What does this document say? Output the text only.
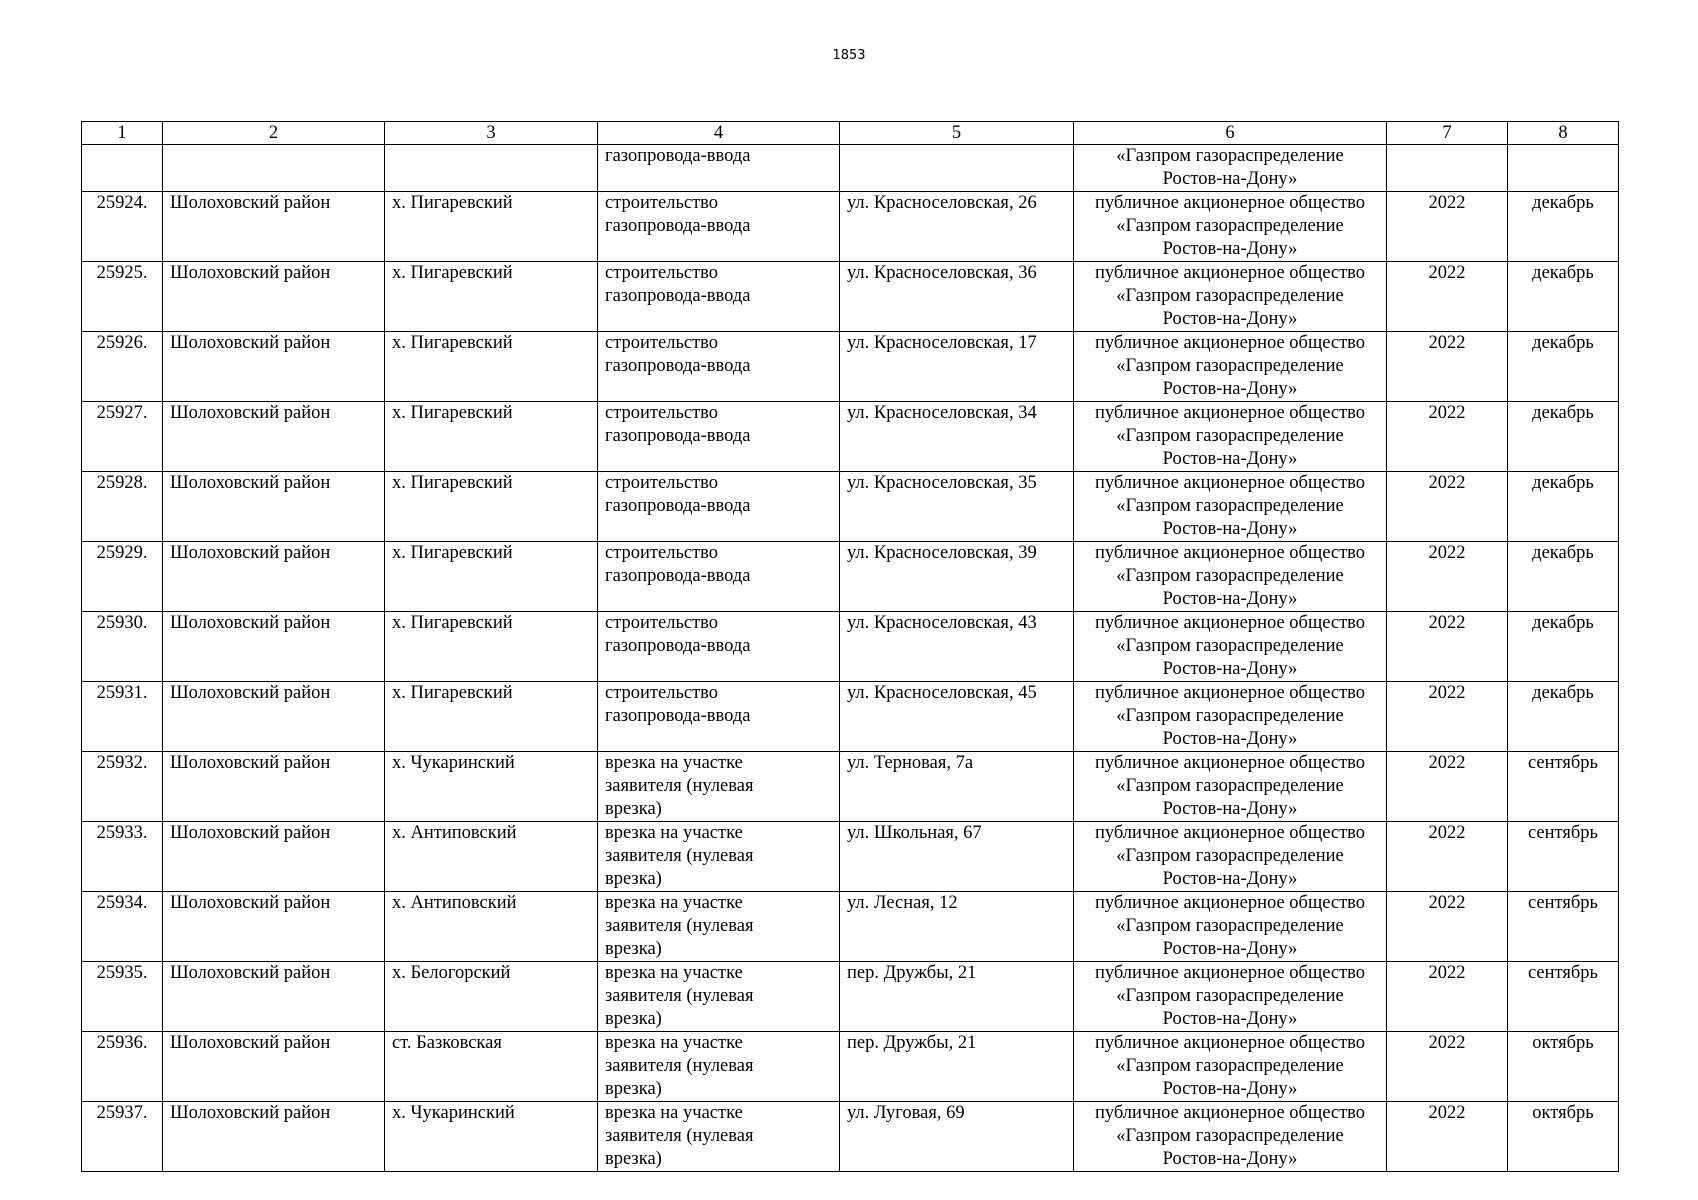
1853
1	2	3	4	5	6	7	8

			газопровода-ввода		«Газпром газораспределение
Ростов-на-Дону»		

25924.	Шолоховский район	х. Пигаревский	строительство
газопровода-ввода	ул. Красноселовская, 26	публичное акционерное общество
«Газпром газораспределение
Ростов-на-Дону»	2022	декабрь
25925.	Шолоховский район	х. Пигаревский	строительство
газопровода-ввода	ул. Красноселовская, 36	публичное акционерное общество
«Газпром газораспределение
Ростов-на-Дону»	2022	декабрь
25926.	Шолоховский район	х. Пигаревский	строительство
газопровода-ввода	ул. Красноселовская, 17	публичное акционерное общество
«Газпром газораспределение
Ростов-на-Дону»	2022	декабрь
25927.	Шолоховский район	х. Пигаревский	строительство
газопровода-ввода	ул. Красноселовская, 34	публичное акционерное общество
«Газпром газораспределение
Ростов-на-Дону»	2022	декабрь
25928.	Шолоховский район	х. Пигаревский	строительство
газопровода-ввода	ул. Красноселовская, 35	публичное акционерное общество
«Газпром газораспределение
Ростов-на-Дону»	2022	декабрь
25929.	Шолоховский район	х. Пигаревский	строительство
газопровода-ввода	ул. Красноселовская, 39	публичное акционерное общество
«Газпром газораспределение
Ростов-на-Дону»	2022	декабрь
25930.	Шолоховский район	х. Пигаревский	строительство
газопровода-ввода	ул. Красноселовская, 43	публичное акционерное общество
«Газпром газораспределение
Ростов-на-Дону»	2022	декабрь
25931.	Шолоховский район	х. Пигаревский	строительство
газопровода-ввода	ул. Красноселовская, 45	публичное акционерное общество
«Газпром газораспределение
Ростов-на-Дону»	2022	декабрь
25932.	Шолоховский район	х. Чукаринский	врезка на участке
заявителя (нулевая
врезка)	ул. Терновая, 7а	публичное акционерное общество
«Газпром газораспределение
Ростов-на-Дону»	2022	сентябрь
25933.	Шолоховский район	х. Антиповский	врезка на участке
заявителя (нулевая
врезка)	ул. Школьная, 67	публичное акционерное общество
«Газпром газораспределение
Ростов-на-Дону»	2022	сентябрь
25934.	Шолоховский район	х. Антиповский	врезка на участке
заявителя (нулевая
врезка)	ул. Лесная, 12	публичное акционерное общество
«Газпром газораспределение
Ростов-на-Дону»	2022	сентябрь
25935.	Шолоховский район	х. Белогорский	врезка на участке
заявителя (нулевая
врезка)	пер. Дружбы, 21	публичное акционерное общество
«Газпром газораспределение
Ростов-на-Дону»	2022	сентябрь
25936.	Шолоховский район	ст. Базковская	врезка на участке
заявителя (нулевая
врезка)	пер. Дружбы, 21	публичное акционерное общество
«Газпром газораспределение
Ростов-на-Дону»	2022	октябрь
25937.	Шолоховский район	х. Чукаринский	врезка на участке
заявителя (нулевая
врезка)	ул. Луговая, 69	публичное акционерное общество
«Газпром газораспределение
Ростов-на-Дону»	2022	октябрь
